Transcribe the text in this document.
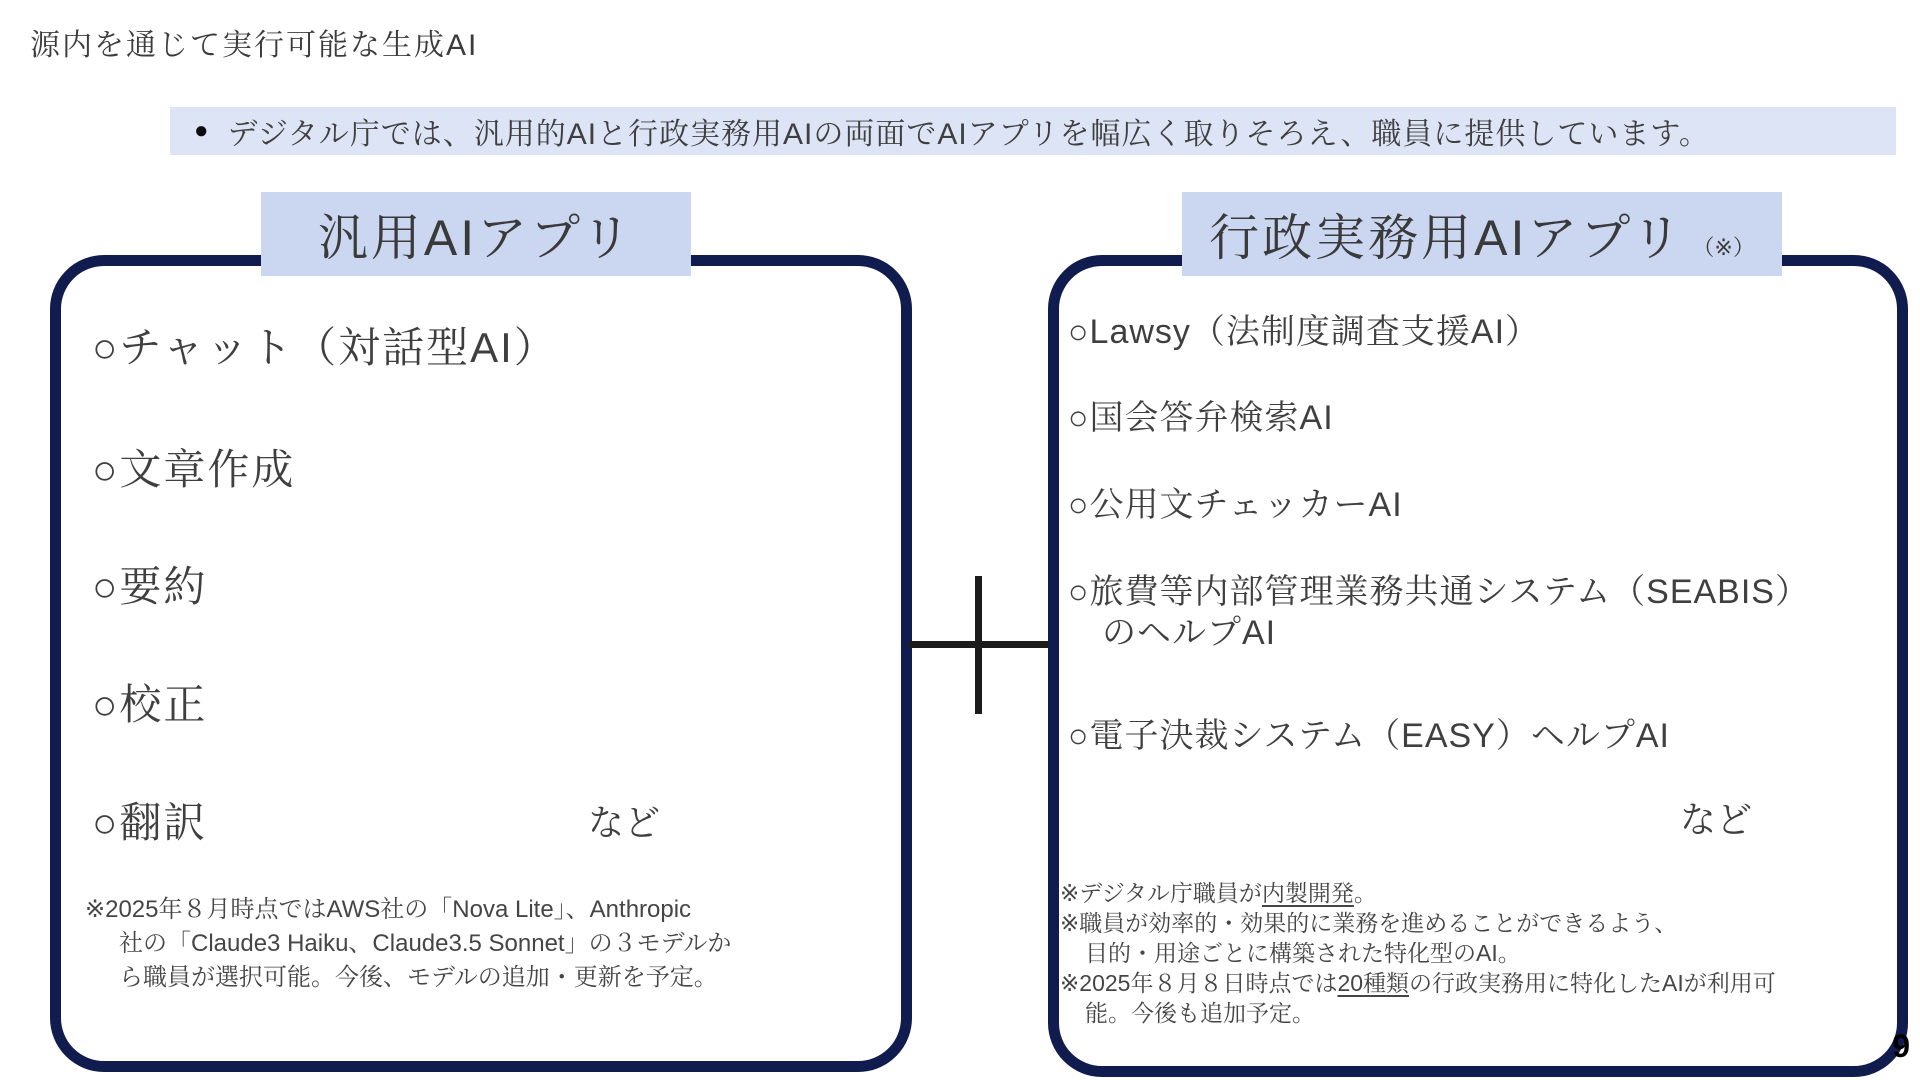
源内を通じて実行可能な生成AI
● デジタル庁では、汎用的AIと行政実務用AIの両面でAIアプリを幅広く取りそろえ、職員に提供しています。
汎用AIアプリ
○チャット（対話型AI）
○文章作成
○要約
○校正
○翻訳	など
※2025年８月時点ではAWS社の「Nova Lite」、Anthropic
社の「Claude3 Haiku、Claude3.5 Sonnet」の３モデルか
ら職員が選択可能。今後、モデルの追加・更新を予定。
行政実務用AIアプリ （※）
○Lawsy（法制度調査支援AI）
○国会答弁検索AI
○公用文チェッカーAI
○旅費等内部管理業務共通システム（SEABIS）
のヘルプAI
○電子決裁システム（EASY）ヘルプAI
など
※デジタル庁職員が内製開発。
※職員が効率的・効果的に業務を進めることができるよう、
目的・用途ごとに構築された特化型のAI。
※2025年８月８日時点では20種類の行政実務用に特化したAIが利用可
能。今後も追加予定。
9
